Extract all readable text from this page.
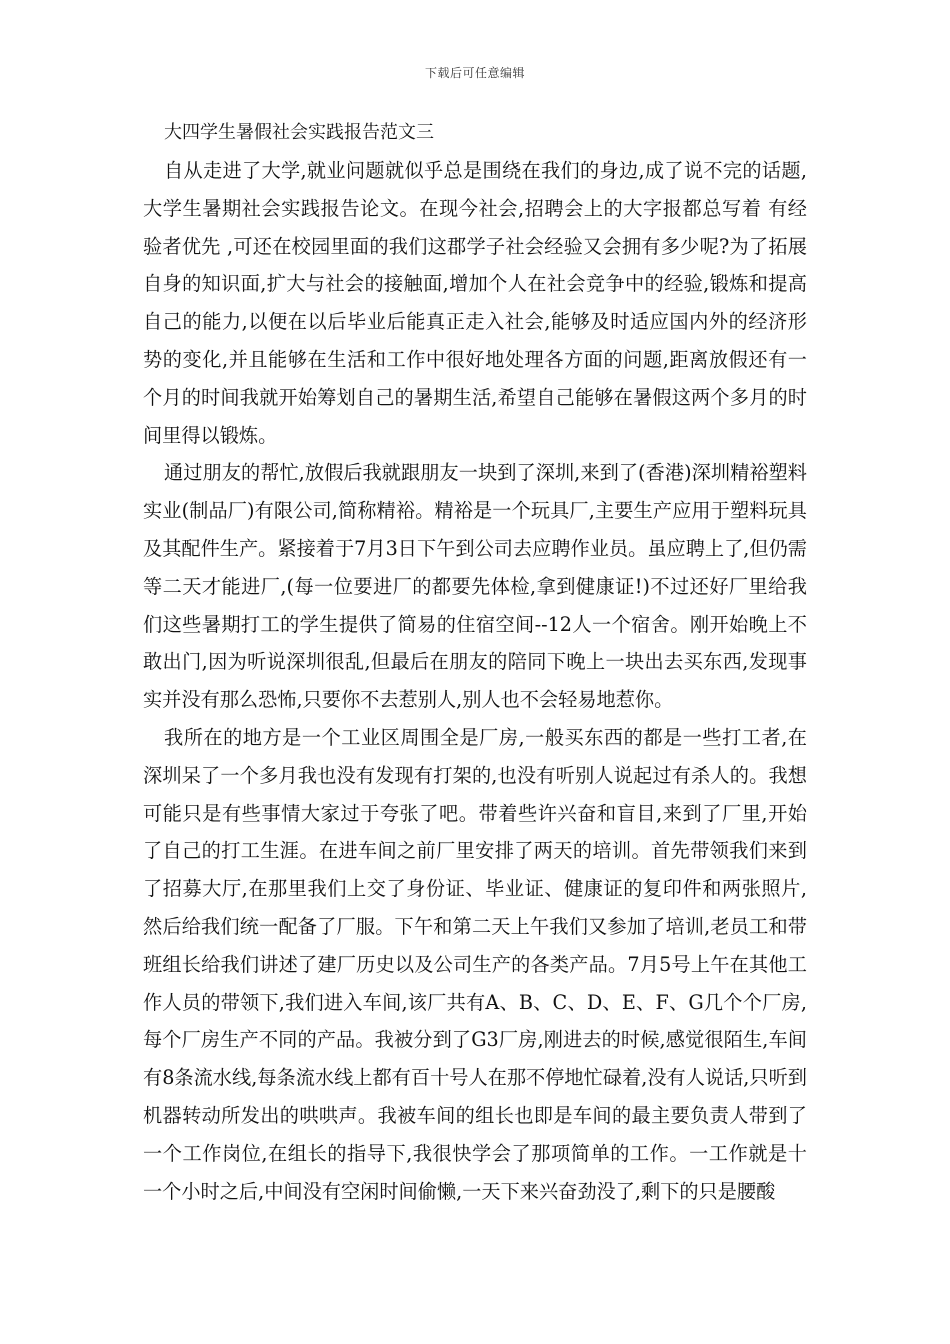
下载后可任意编辑
大四学生暑假社会实践报告范文三

自从走进了大学,就业问题就似乎总是围绕在我们的身边,成了说不完的话题,大学生暑期社会实践报告论文。在现今社会,招聘会上的大字报都总写着 有经验者优先 ,可还在校园里面的我们这郡学子社会经验又会拥有多少呢?为了拓展自身的知识面,扩大与社会的接触面,增加个人在社会竞争中的经验,锻炼和提高自己的能力,以便在以后毕业后能真正走入社会,能够及时适应国内外的经济形势的变化,并且能够在生活和工作中很好地处理各方面的问题,距离放假还有一个月的时间我就开始筹划自己的暑期生活,希望自己能够在暑假这两个多月的时间里得以锻炼。

通过朋友的帮忙,放假后我就跟朋友一块到了深圳,来到了(香港)深圳精裕塑料实业(制品厂)有限公司,简称精裕。精裕是一个玩具厂,主要生产应用于塑料玩具及其配件生产。紧接着于7月3日下午到公司去应聘作业员。虽应聘上了,但仍需等二天才能进厂,(每一位要进厂的都要先体检,拿到健康证!)不过还好厂里给我们这些暑期打工的学生提供了简易的住宿空间--12人一个宿舍。刚开始晚上不敢出门,因为听说深圳很乱,但最后在朋友的陪同下晚上一块出去买东西,发现事实并没有那么恐怖,只要你不去惹别人,别人也不会轻易地惹你。

我所在的地方是一个工业区周围全是厂房,一般买东西的都是一些打工者,在深圳呆了一个多月我也没有发现有打架的,也没有听别人说起过有杀人的。我想可能只是有些事情大家过于夸张了吧。带着些许兴奋和盲目,来到了厂里,开始了自己的打工生涯。在进车间之前厂里安排了两天的培训。首先带领我们来到了招募大厅,在那里我们上交了身份证、毕业证、健康证的复印件和两张照片,然后给我们统一配备了厂服。下午和第二天上午我们又参加了培训,老员工和带班组长给我们讲述了建厂历史以及公司生产的各类产品。7月5号上午在其他工作人员的带领下,我们进入车间,该厂共有A、B、C、D、E、F、G几个个厂房,每个厂房生产不同的产品。我被分到了G3厂房,刚进去的时候,感觉很陌生,车间有8条流水线,每条流水线上都有百十号人在那不停地忙碌着,没有人说话,只听到机器转动所发出的哄哄声。我被车间的组长也即是车间的最主要负责人带到了一个工作岗位,在组长的指导下,我很快学会了那项简单的工作。一工作就是十一个小时之后,中间没有空闲时间偷懒,一天下来兴奋劲没了,剩下的只是腰酸
